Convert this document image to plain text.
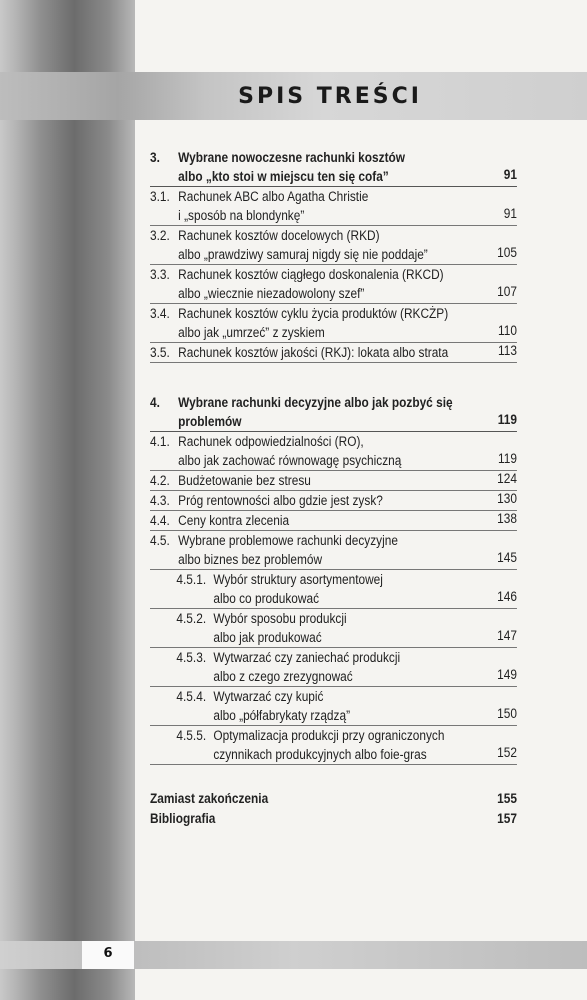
SPIS TREŚCI
3.	Wybrane nowoczesne rachunki kosztów
albo „kto stoi w miejscu ten się cofa”	91
3.1. Rachunek ABC albo Agatha Christie
i „sposób na blondynkę”	91
3.2. Rachunek kosztów docelowych (RKD)
albo „prawdziwy samuraj nigdy się nie poddaje”	105
3.3. Rachunek kosztów ciągłego doskonalenia (RKCD)
albo „wiecznie niezadowolony szef”	107
3.4. Rachunek kosztów cyklu życia produktów (RKCŻP)
albo jak „umrzeć” z zyskiem	110
3.5. Rachunek kosztów jakości (RKJ): lokata albo strata	113
4.	Wybrane rachunki decyzyjne albo jak pozbyć się
problemów	119
4.1. Rachunek odpowiedzialności (RO),
albo jak zachować równowagę psychiczną	119
4.2. Budżetowanie bez stresu	124
4.3. Próg rentowności albo gdzie jest zysk?	130
4.4. Ceny kontra zlecenia	138
4.5. Wybrane problemowe rachunki decyzyjne
albo biznes bez problemów	145
4.5.1. Wybór struktury asortymentowej
albo co produkować	146
4.5.2. Wybór sposobu produkcji
albo jak produkować	147
4.5.3. Wytwarzać czy zaniechać produkcji
albo z czego zrezygnować	149
4.5.4. Wytwarzać czy kupić
albo „półfabrykaty rządzą”	150
4.5.5. Optymalizacja produkcji przy ograniczonych
czynnikach produkcyjnych albo foie-gras	152
Zamiast zakończenia	155
Bibliografia	157
6
